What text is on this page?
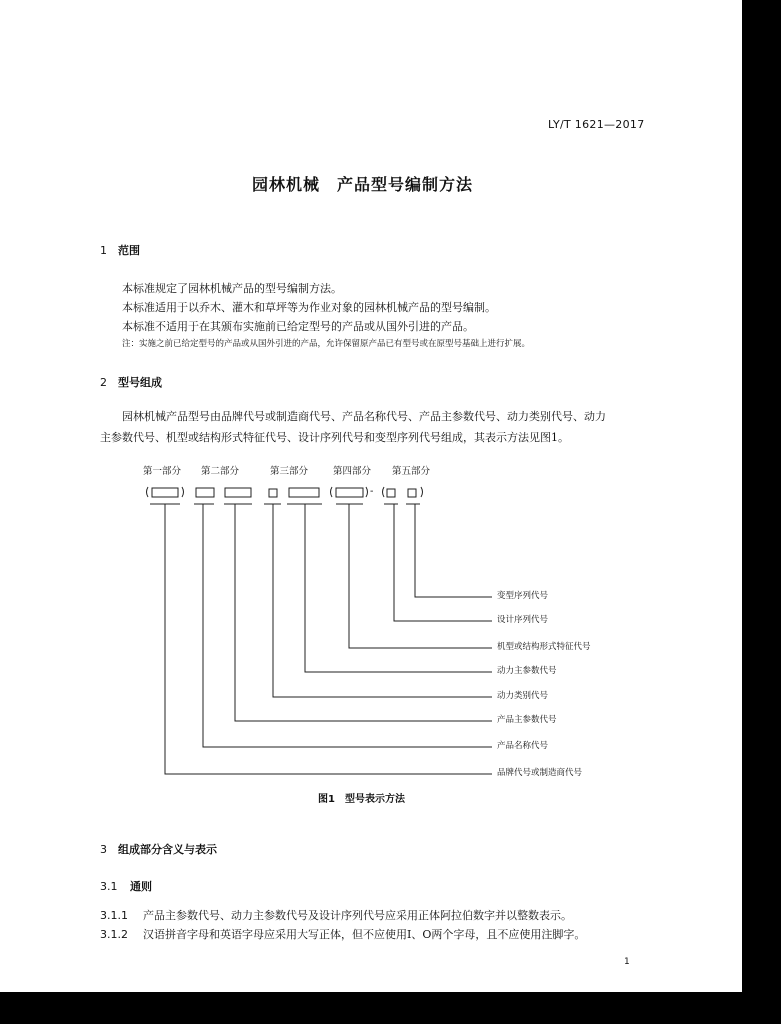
LY/T 1621—2017
园林机械　产品型号编制方法
1 范围
本标准规定了园林机械产品的型号编制方法。
本标准适用于以乔木、灌木和草坪等为作业对象的园林机械产品的型号编制。
本标准不适用于在其颁布实施前已给定型号的产品或从国外引进的产品。
注：实施之前已给定型号的产品或从国外引进的产品，允许保留原产品已有型号或在原型号基础上进行扩展。
2 型号组成
园林机械产品型号由品牌代号或制造商代号、产品名称代号、产品主参数代号、动力类别代号、动力
主参数代号、机型或结构形式特征代号、设计序列代号和变型序列代号组成，其表示方法见图1。
第一部分 第二部分	第三部分	第四部分 第五部分
-
变型序列代号
设计序列代号
机型或结构形式特征代号
动力主参数代号
动力类别代号
产品主参数代号
产品名称代号
品牌代号或制造商代号
图1　型号表示方法
3 组成部分含义与表示
3.1 通则
3.1.1 产品主参数代号、动力主参数代号及设计序列代号应采用正体阿拉伯数字并以整数表示。
3.1.2 汉语拼音字母和英语字母应采用大写正体，但不应使用I、O两个字母，且不应使用注脚字。
1
